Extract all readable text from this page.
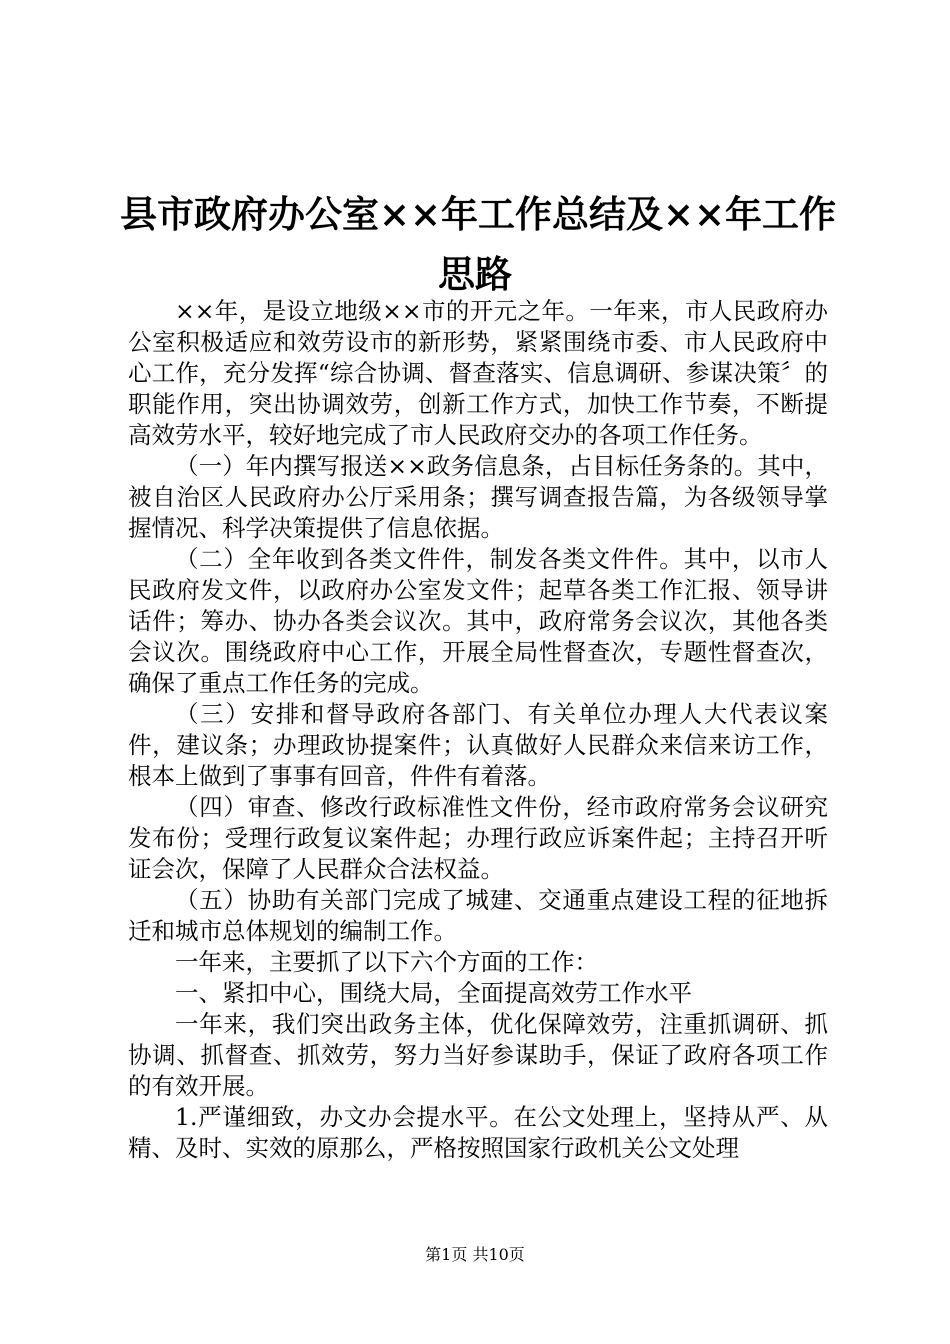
县市政府办公室××年工作总结及××年工作
思路

××年，是设立地级××市的开元之年。一年来，市人民政府办公室积极适应和效劳设市的新形势，紧紧围绕市委、市人民政府中心工作，充分发挥“综合协调、督查落实、信息调研、参谋决策〞的职能作用，突出协调效劳，创新工作方式，加快工作节奏，不断提高效劳水平，较好地完成了市人民政府交办的各项工作任务。

（一）年内撰写报送××政务信息条，占目标任务条的。其中，被自治区人民政府办公厅采用条；撰写调查报告篇，为各级领导掌握情况、科学决策提供了信息依据。

（二）全年收到各类文件件，制发各类文件件。其中，以市人民政府发文件，以政府办公室发文件；起草各类工作汇报、领导讲话件；筹办、协办各类会议次。其中，政府常务会议次，其他各类会议次。围绕政府中心工作，开展全局性督查次，专题性督查次，确保了重点工作任务的完成。

（三）安排和督导政府各部门、有关单位办理人大代表议案件，建议条；办理政协提案件；认真做好人民群众来信来访工作，根本上做到了事事有回音，件件有着落。

（四）审查、修改行政标准性文件份，经市政府常务会议研究发布份；受理行政复议案件起；办理行政应诉案件起；主持召开听证会次，保障了人民群众合法权益。

（五）协助有关部门完成了城建、交通重点建设工程的征地拆迁和城市总体规划的编制工作。

一年来，主要抓了以下六个方面的工作：

一、紧扣中心，围绕大局，全面提高效劳工作水平

一年来，我们突出政务主体，优化保障效劳，注重抓调研、抓协调、抓督查、抓效劳，努力当好参谋助手，保证了政府各项工作的有效开展。

1.严谨细致，办文办会提水平。在公文处理上，坚持从严、从精、及时、实效的原那么，严格按照国家行政机关公文处理

第1页 共10页
